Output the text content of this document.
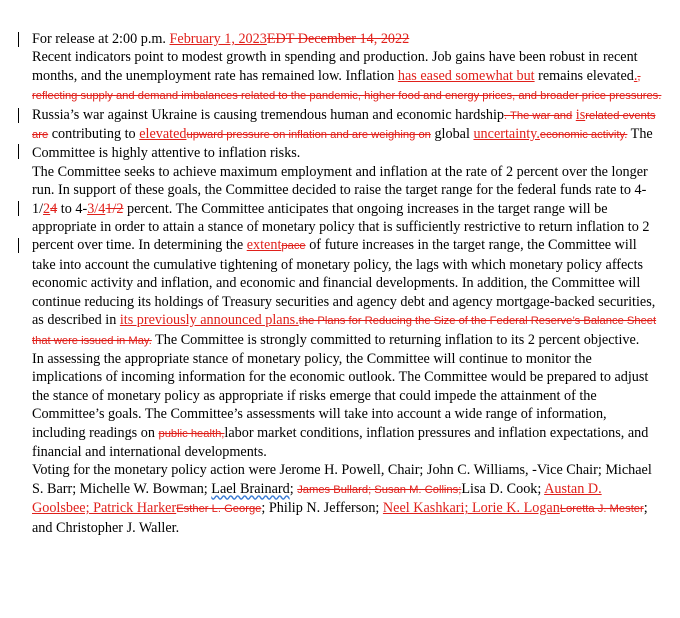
For release at 2:00 p.m. February 1, 2023EDT December 14, 2022

Recent indicators point to modest growth in spending and production. Job gains have been robust in recent months, and the unemployment rate has remained low. Inflation has eased somewhat but remains elevated., reflecting supply and demand imbalances related to the pandemic, higher food and energy prices, and broader price pressures.

Russia’s war against Ukraine is causing tremendous human and economic hardship. The war and isrelated events are contributing to elevatedupward pressure on inflation and are weighing on global uncertainty.economic activity. The Committee is highly attentive to inflation risks.

The Committee seeks to achieve maximum employment and inflation at the rate of 2 percent over the longer run. In support of these goals, the Committee decided to raise the target range for the federal funds rate to 4-1/24 to 4-3/41/2 percent. The Committee anticipates that ongoing increases in the target range will be appropriate in order to attain a stance of monetary policy that is sufficiently restrictive to return inflation to 2 percent over time. In determining the extentpace of future increases in the target range, the Committee will take into account the cumulative tightening of monetary policy, the lags with which monetary policy affects economic activity and inflation, and economic and financial developments. In addition, the Committee will continue reducing its holdings of Treasury securities and agency debt and agency mortgage-backed securities, as described in its previously announced plans.the Plans for Reducing the Size of the Federal Reserve’s Balance Sheet that were issued in May. The Committee is strongly committed to returning inflation to its 2 percent objective.

In assessing the appropriate stance of monetary policy, the Committee will continue to monitor the implications of incoming information for the economic outlook. The Committee would be prepared to adjust the stance of monetary policy as appropriate if risks emerge that could impede the attainment of the Committee’s goals. The Committee’s assessments will take into account a wide range of information, including readings on public health,labor market conditions, inflation pressures and inflation expectations, and financial and international developments.

Voting for the monetary policy action were Jerome H. Powell, Chair; John C. Williams, -Vice Chair; Michael S. Barr; Michelle W. Bowman; Lael Brainard; James Bullard; Susan M. Collins;Lisa D. Cook; Austan D. Goolsbee; Patrick HarkerEsther L. George; Philip N. Jefferson; Neel Kashkari; Lorie K. LoganLoretta J. Mester; and Christopher J. Waller.
